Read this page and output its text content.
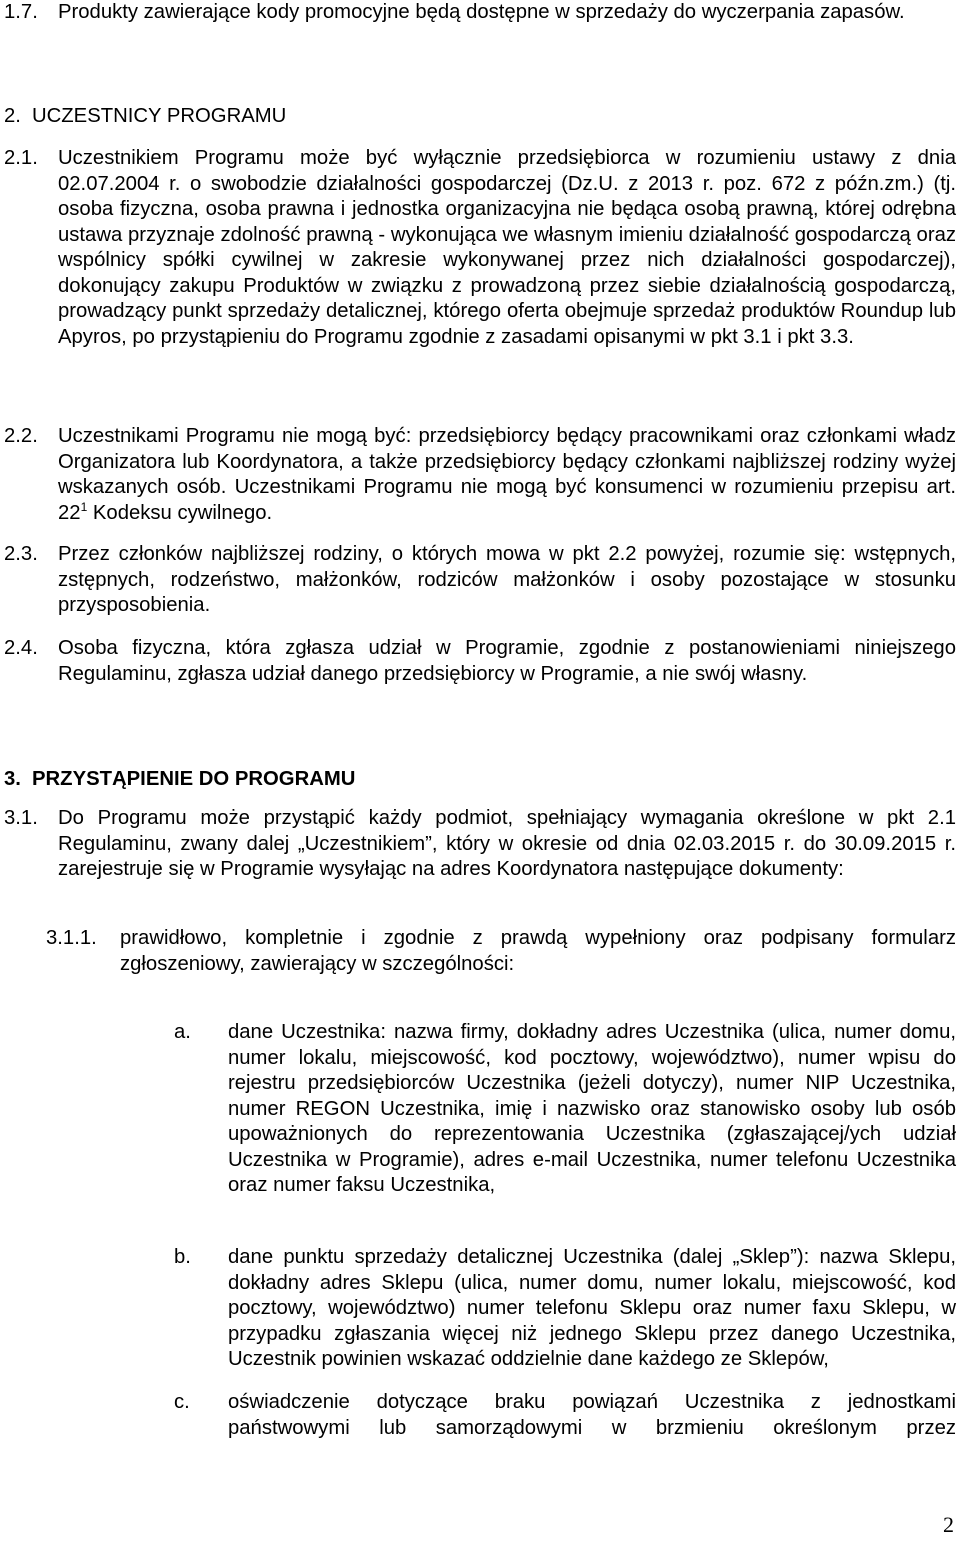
1.7. Produkty zawierające kody promocyjne będą dostępne w sprzedaży do wyczerpania zapasów.
2. UCZESTNICY PROGRAMU
2.1. Uczestnikiem Programu może być wyłącznie przedsiębiorca w rozumieniu ustawy z dnia 02.07.2004 r. o swobodzie działalności gospodarczej (Dz.U. z 2013 r. poz. 672 z późn.zm.) (tj. osoba fizyczna, osoba prawna i jednostka organizacyjna nie będąca osobą prawną, której odrębna ustawa przyznaje zdolność prawną - wykonująca we własnym imieniu działalność gospodarczą oraz wspólnicy spółki cywilnej w zakresie wykonywanej przez nich działalności gospodarczej), dokonujący zakupu Produktów w związku z prowadzoną przez siebie działalnością gospodarczą, prowadzący punkt sprzedaży detalicznej, którego oferta obejmuje sprzedaż produktów Roundup lub Apyros, po przystąpieniu do Programu zgodnie z zasadami opisanymi w pkt 3.1 i pkt 3.3.
2.2. Uczestnikami Programu nie mogą być: przedsiębiorcy będący pracownikami oraz członkami władz Organizatora lub Koordynatora, a także przedsiębiorcy będący członkami najbliższej rodziny wyżej wskazanych osób. Uczestnikami Programu nie mogą być konsumenci w rozumieniu przepisu art. $22^1$ Kodeksu cywilnego.
2.3. Przez członków najbliższej rodziny, o których mowa w pkt 2.2 powyżej, rozumie się: wstępnych, zstępnych, rodzeństwo, małżonków, rodziców małżonków i osoby pozostające w stosunku przysposobienia.
2.4. Osoba fizyczna, która zgłasza udział w Programie, zgodnie z postanowieniami niniejszego Regulaminu, zgłasza udział danego przedsiębiorcy w Programie, a nie swój własny.
3. PRZYSTĄPIENIE DO PROGRAMU
3.1. Do Programu może przystąpić każdy podmiot, spełniający wymagania określone w pkt 2.1 Regulaminu, zwany dalej „Uczestnikiem”, który w okresie od dnia 02.03.2015 r. do 30.09.2015 r. zarejestruje się w Programie wysyłając na adres Koordynatora następujące dokumenty:
3.1.1.	prawidłowo, kompletnie i zgodnie z prawdą wypełniony oraz podpisany formularz zgłoszeniowy, zawierający w szczególności:
a.	dane Uczestnika: nazwa firmy, dokładny adres Uczestnika (ulica, numer domu, numer lokalu, miejscowość, kod pocztowy, województwo), numer wpisu do rejestru przedsiębiorców Uczestnika (jeżeli dotyczy), numer NIP Uczestnika, numer REGON Uczestnika, imię i nazwisko oraz stanowisko osoby lub osób upoważnionych do reprezentowania Uczestnika (zgłaszającej/ych udział Uczestnika w Programie), adres e-mail Uczestnika, numer telefonu Uczestnika oraz numer faksu Uczestnika,
b.	dane punktu sprzedaży detalicznej Uczestnika (dalej „Sklep”): nazwa Sklepu, dokładny adres Sklepu (ulica, numer domu, numer lokalu, miejscowość, kod pocztowy, województwo) numer telefonu Sklepu oraz numer faxu Sklepu, w przypadku zgłaszania więcej niż jednego Sklepu przez danego Uczestnika, Uczestnik powinien wskazać oddzielnie dane każdego ze Sklepów,
c.	oświadczenie dotyczące braku powiązań Uczestnika z jednostkami państwowymi lub samorządowymi w brzmieniu określonym przez
2
